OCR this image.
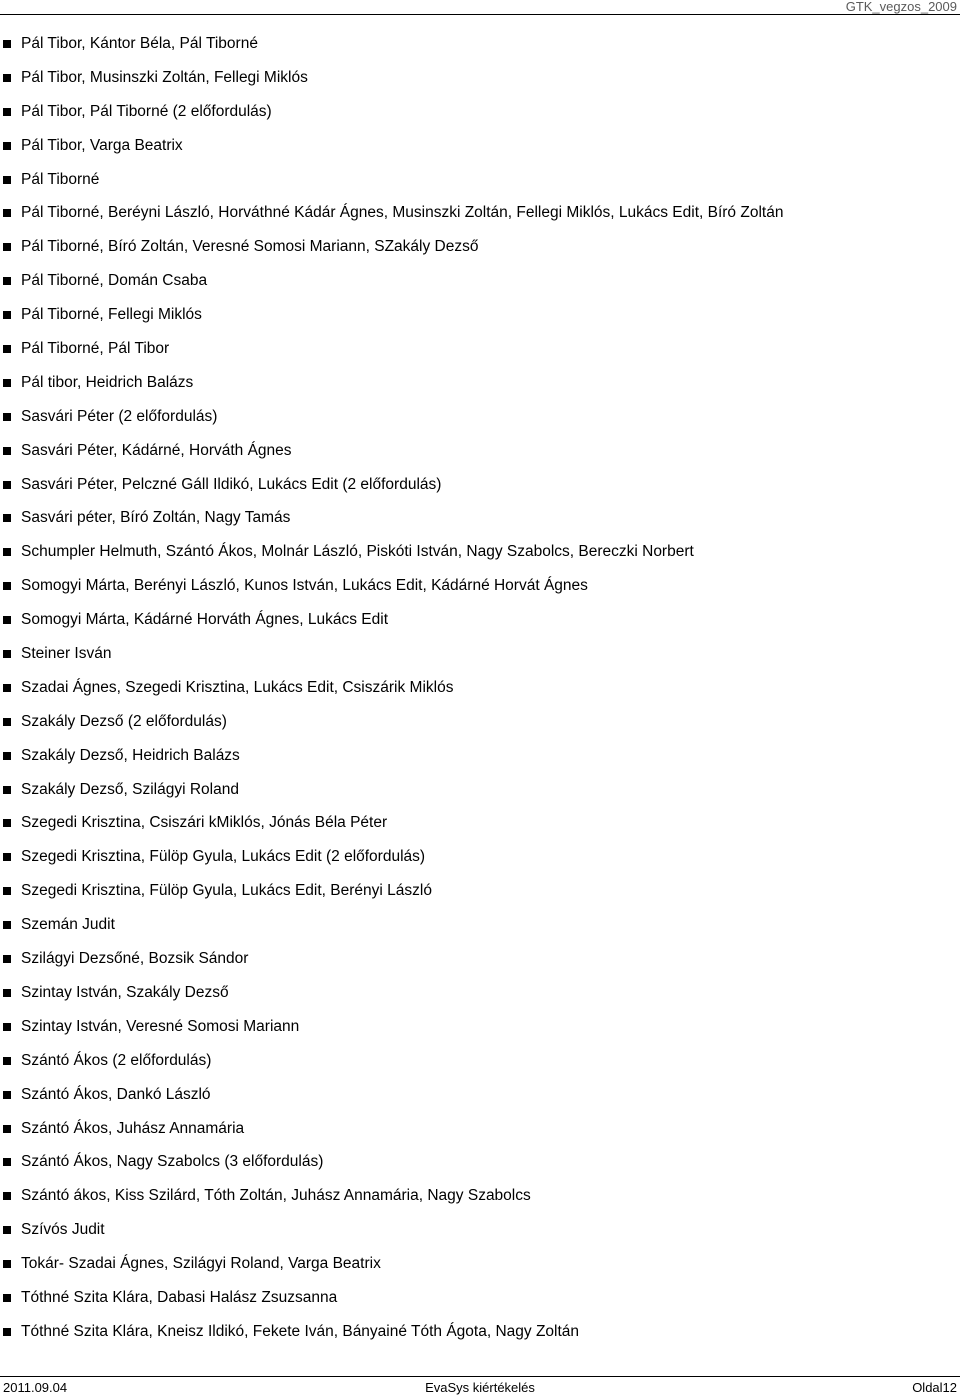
GTK_vegzos_2009
Pál Tibor, Kántor Béla, Pál Tiborné
Pál Tibor, Musinszki Zoltán, Fellegi Miklós
Pál Tibor, Pál Tiborné (2 előfordulás)
Pál Tibor, Varga Beatrix
Pál Tiborné
Pál Tiborné, Beréyni László, Horváthné Kádár Ágnes, Musinszki Zoltán, Fellegi Miklós, Lukács Edit, Bíró Zoltán
Pál Tiborné, Bíró Zoltán, Veresné Somosi Mariann, SZakály Dezső
Pál Tiborné, Domán Csaba
Pál Tiborné, Fellegi Miklós
Pál Tiborné, Pál Tibor
Pál tibor, Heidrich Balázs
Sasvári Péter (2 előfordulás)
Sasvári Péter, Kádárné, Horváth Ágnes
Sasvári Péter, Pelczné Gáll Ildikó, Lukács Edit (2 előfordulás)
Sasvári péter, Bíró Zoltán, Nagy Tamás
Schumpler Helmuth, Szántó Ákos, Molnár László, Piskóti István, Nagy Szabolcs, Bereczki Norbert
Somogyi Márta, Berényi László, Kunos István, Lukács Edit, Kádárné Horvát Ágnes
Somogyi Márta, Kádárné Horváth Ágnes, Lukács Edit
Steiner Isván
Szadai Ágnes, Szegedi Krisztina, Lukács Edit, Csiszárik Miklós
Szakály Dezső (2 előfordulás)
Szakály Dezső, Heidrich Balázs
Szakály Dezső, Szilágyi Roland
Szegedi Krisztina, Csiszári kMiklós, Jónás Béla Péter
Szegedi Krisztina, Fülöp Gyula, Lukács Edit (2 előfordulás)
Szegedi Krisztina, Fülöp Gyula, Lukács Edit, Berényi László
Szemán Judit
Szilágyi Dezsőné, Bozsik Sándor
Szintay István, Szakály Dezső
Szintay István, Veresné Somosi Mariann
Szántó Ákos (2 előfordulás)
Szántó Ákos, Dankó László
Szántó Ákos, Juhász Annamária
Szántó Ákos, Nagy Szabolcs (3 előfordulás)
Szántó ákos, Kiss Szilárd, Tóth Zoltán, Juhász Annamária, Nagy Szabolcs
Szívós Judit
Tokár- Szadai Ágnes, Szilágyi Roland, Varga Beatrix
Tóthné Szita Klára, Dabasi Halász Zsuzsanna
Tóthné Szita Klára, Kneisz Ildikó, Fekete Iván, Bányainé Tóth Ágota, Nagy Zoltán
2011.09.04	EvaSys kiértékelés	Oldal12
